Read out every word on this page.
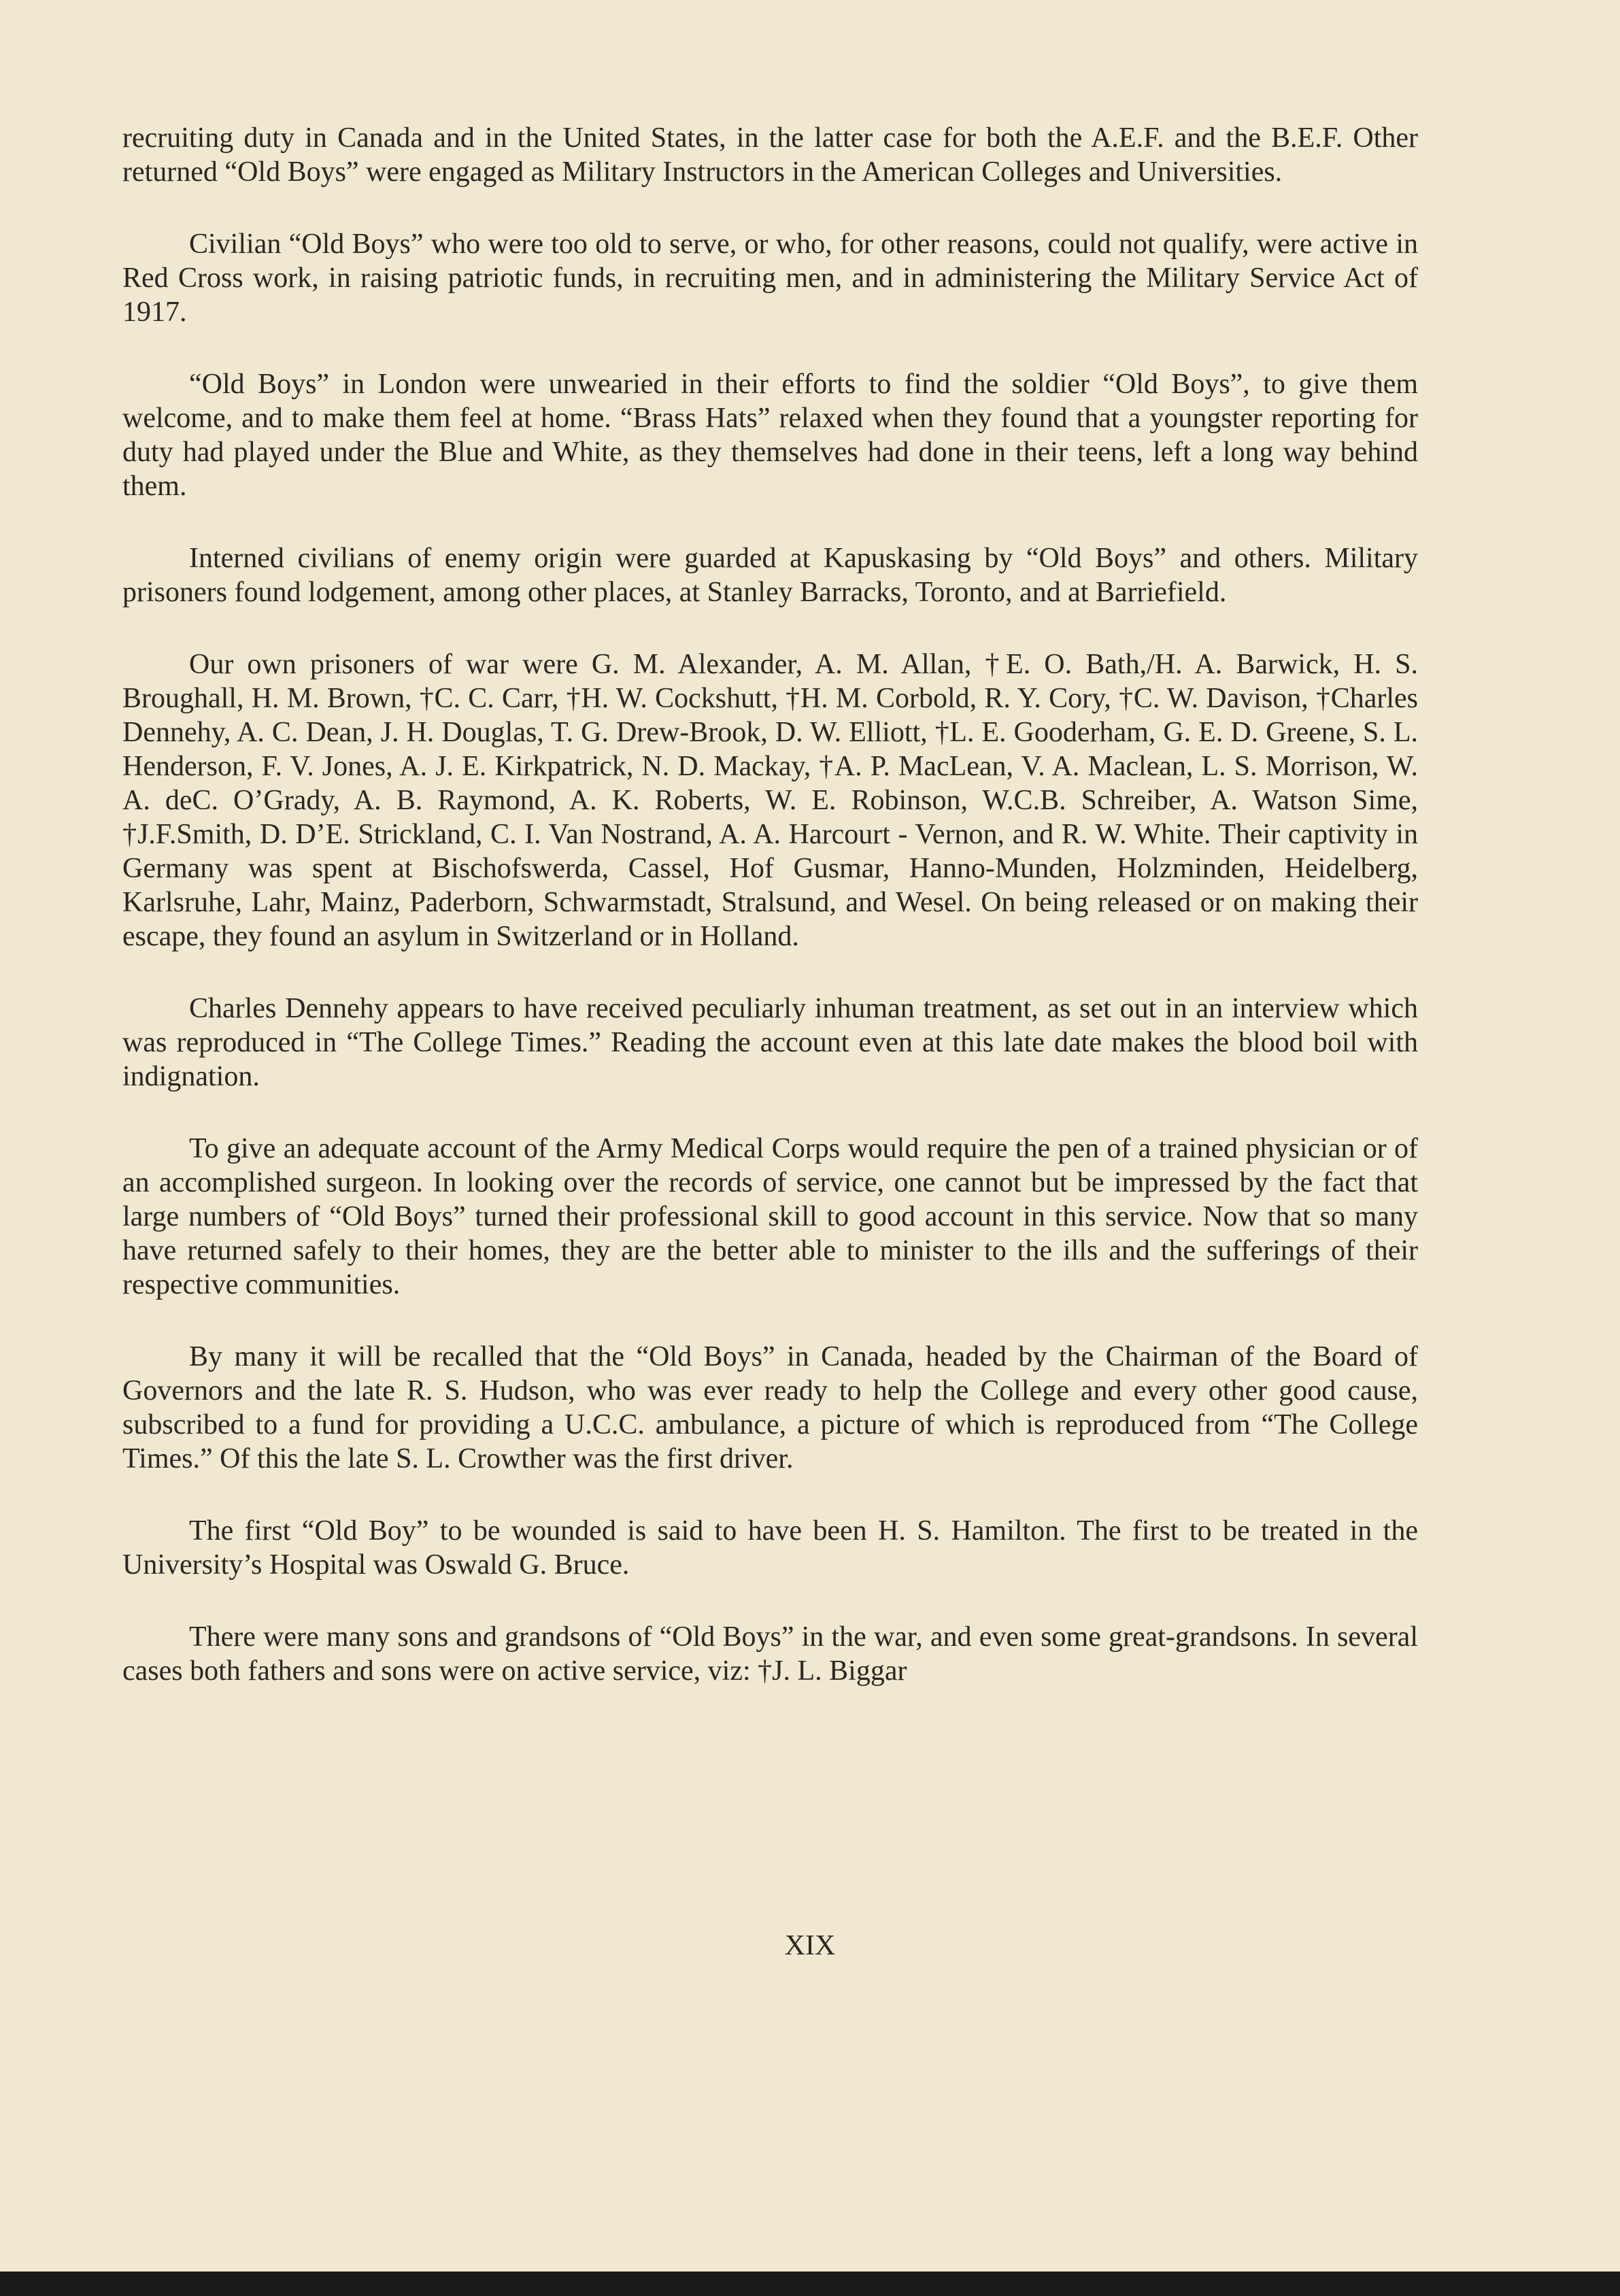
recruiting duty in Canada and in the United States, in the latter case for both the A.E.F. and the B.E.F. Other returned “Old Boys” were engaged as Military Instructors in the American Colleges and Universities.

Civilian “Old Boys” who were too old to serve, or who, for other reasons, could not qualify, were active in Red Cross work, in raising patriotic funds, in recruiting men, and in administering the Military Service Act of 1917.

“Old Boys” in London were unwearied in their efforts to find the soldier “Old Boys”, to give them welcome, and to make them feel at home. “Brass Hats” relaxed when they found that a youngster reporting for duty had played under the Blue and White, as they themselves had done in their teens, left a long way behind them.

Interned civilians of enemy origin were guarded at Kapuskasing by “Old Boys” and others. Military prisoners found lodgement, among other places, at Stanley Barracks, Toronto, and at Barriefield.

Our own prisoners of war were G. M. Alexander, A. M. Allan, †E. O. Bath,/H. A. Barwick, H. S. Broughall, H. M. Brown, †C. C. Carr, †H. W. Cockshutt, †H. M. Corbold, R. Y. Cory, †C. W. Davison, †Charles Dennehy, A. C. Dean, J. H. Douglas, T. G. Drew-Brook, D. W. Elliott, †L. E. Gooderham, G. E. D. Greene, S. L. Henderson, F. V. Jones, A. J. E. Kirkpatrick, N. D. Mackay, †A. P. MacLean, V. A. Maclean, L. S. Morrison, W. A. deC. O’Grady, A. B. Raymond, A. K. Roberts, W. E. Robinson, W.C.B. Schreiber, A. Watson Sime, †J.F.Smith, D. D’E. Strickland, C. I. Van Nostrand, A. A. Harcourt - Vernon, and R. W. White. Their captivity in Germany was spent at Bischofswerda, Cassel, Hof Gusmar, Hanno-Munden, Holzminden, Heidelberg, Karlsruhe, Lahr, Mainz, Paderborn, Schwarmstadt, Stralsund, and Wesel. On being released or on making their escape, they found an asylum in Switzerland or in Holland.

Charles Dennehy appears to have received peculiarly inhuman treatment, as set out in an interview which was reproduced in “The College Times.” Reading the account even at this late date makes the blood boil with indignation.

To give an adequate account of the Army Medical Corps would require the pen of a trained physician or of an accomplished surgeon. In looking over the records of service, one cannot but be impressed by the fact that large numbers of “Old Boys” turned their professional skill to good account in this service. Now that so many have returned safely to their homes, they are the better able to minister to the ills and the sufferings of their respective communities.

By many it will be recalled that the “Old Boys” in Canada, headed by the Chairman of the Board of Governors and the late R. S. Hudson, who was ever ready to help the College and every other good cause, subscribed to a fund for providing a U.C.C. ambulance, a picture of which is reproduced from “The College Times.” Of this the late S. L. Crowther was the first driver.

The first “Old Boy” to be wounded is said to have been H. S. Hamilton. The first to be treated in the University’s Hospital was Oswald G. Bruce.

There were many sons and grandsons of “Old Boys” in the war, and even some great-grandsons. In several cases both fathers and sons were on active service, viz: †J. L. Biggar

XIX
